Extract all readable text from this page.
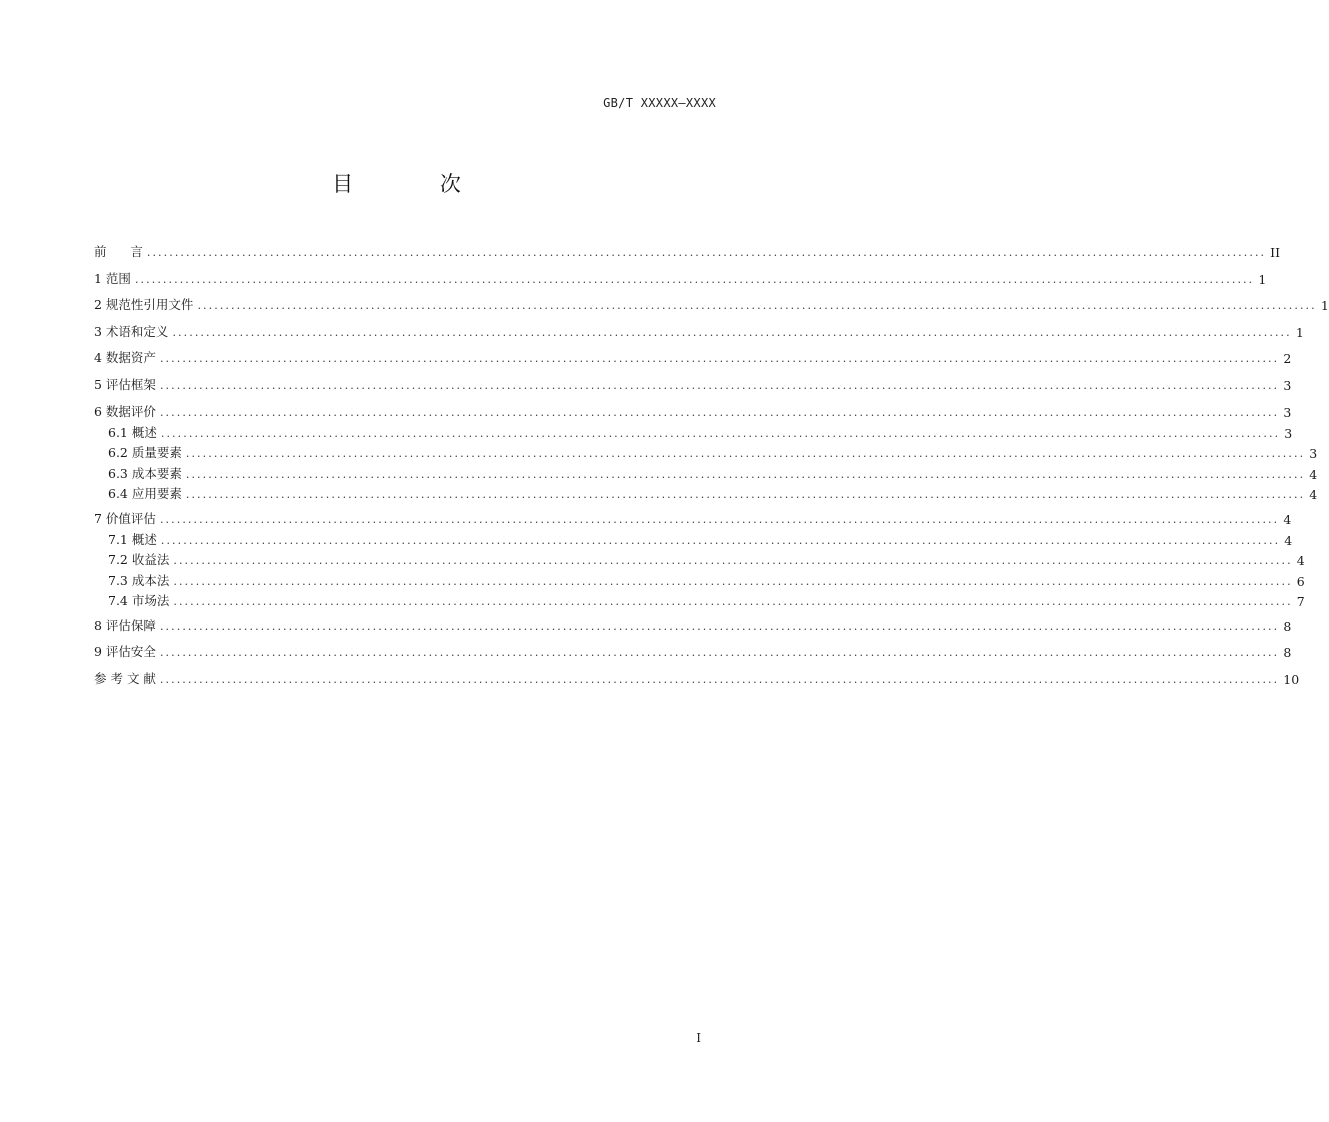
GB/T XXXXX—XXXX
目 次
前      言 ........................................................................................................................................................................................................ II
1 范围 ........................................................................................................................................................................................................ 1
2 规范性引用文件 ........................................................................................................................................................................................................ 1
3 术语和定义 ........................................................................................................................................................................................................ 1
4 数据资产 ........................................................................................................................................................................................................ 2
5 评估框架 ........................................................................................................................................................................................................ 3
6 数据评价 ........................................................................................................................................................................................................ 3
6.1 概述 ........................................................................................................................................................................................................ 3
6.2 质量要素 ........................................................................................................................................................................................................ 3
6.3 成本要素 ........................................................................................................................................................................................................ 4
6.4 应用要素 ........................................................................................................................................................................................................ 4
7 价值评估 ........................................................................................................................................................................................................ 4
7.1 概述 ........................................................................................................................................................................................................ 4
7.2 收益法 ........................................................................................................................................................................................................ 4
7.3 成本法 ........................................................................................................................................................................................................ 6
7.4 市场法 ........................................................................................................................................................................................................ 7
8 评估保障 ........................................................................................................................................................................................................ 8
9 评估安全 ........................................................................................................................................................................................................ 8
参 考 文 献 ........................................................................................................................................................................................................ 10
I
